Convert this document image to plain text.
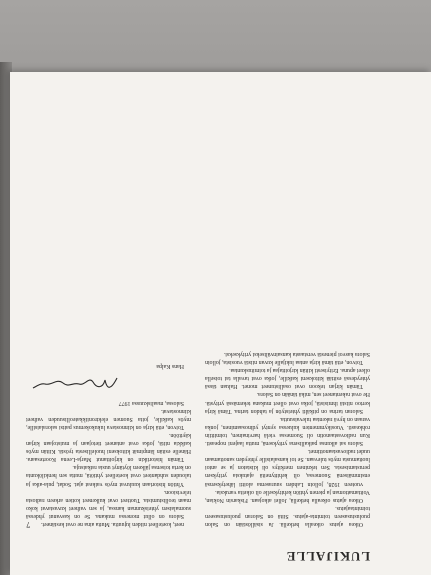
LUKIJALLE
7	Oikea ajatus oikealla hetkellä. Ja sisällöstään on Salon puolustusaseen toiminta-ajatus. Siitä on Saloran puolustusaseen toimintaajatus.

Oikea ajatus oikealla hetkellä, Jollei aikojaan. Fiskarsin Nokian, Voittamattoman ja pienen yhtiön kehitykselle oli oikeita varuksia.

vuoteen 1928, jolloin Lahden suurasema aloitti lähetyksensä ensimmäisenä Suomessa, oli kehittyneitä ajatuksia yrityksen perustamisesta. Sen tekninen merkitys oli kiistaton ja se antoi luottamusta myös tulevaan. Se toi kansalaisille yhteyden sanottamaan uudet radiovastaanottimet.

Salora sai alkunsa paikallisena yrityksenä, mutta laajeni nopeasti. Kun radiovastaanotin oli Suomessa vielä harvinainen, toimittiin rohkeasti. Vuosikymmenten kuluessa syntyi ydinosaaminen, jonka varaan on hyvä rakentaa tulevaisuutta.

Saloran tarina on pitkälti yhteistyön ja tahdon tarina. Tämä kirja kertoo niistä ihmisistä, jotka ovat olleet mukana tekemässä yritystä. He ovat rakentaneet sen, mikä tänään on Salora.

Tämän kirjan tekoon ovat osallistuneet monet. Haluan tässä yhteydessä esittää kiitokseni kaikille, jotka ovat tavalla tai toisella olleet apuna. Erityisesti kiitän kirjoittajaa ja toimituskuntaa.

Toivon, että tämä kirja antaa lukijalle kuvan niistä vuosista, jolloin Salora kasvoi pienestä verstaasta kansainväliseksi yritykseksi.

neet, koetelleet niiden lujuutta. Mutta aina ne ovat kestäneet.

Salora on ollut monessa mukana. Se on kasvanut yhdessä suomalaisen yhteiskunnan kanssa, ja sen vaiheet kuvastavat koko maan teollistumista. Tuotteet ovat kulkeneet kotien arkeen radiosta televisioon.

Yhtiön historiaan kuuluvat myös vaikeat ajat. Sodat, pula-aika ja talouden suhdanteet ovat koetelleet yhtiötä, mutta sen henkilökunta on kerta toisensa jälkeen löytänyt uusia ratkaisuja.

Tämän historiikin on kirjoittanut Marja-Leena Koortesaara. Hänelle esitän lämpimät kiitokseni huolellisesta työstä. Kiitän myös kaikkia niitä, jotka ovat antaneet tietojaan ja muistojaan kirjan käyttöön.

Toivon, että kirja on kiinnostava lukukokemus paitsi saloralaisille, myös kaikille, joita Suomen elektroniikkateollisuuden vaiheet kiinnostavat.

Salossa, maaliskuussa 1977

Hans Kalpa
